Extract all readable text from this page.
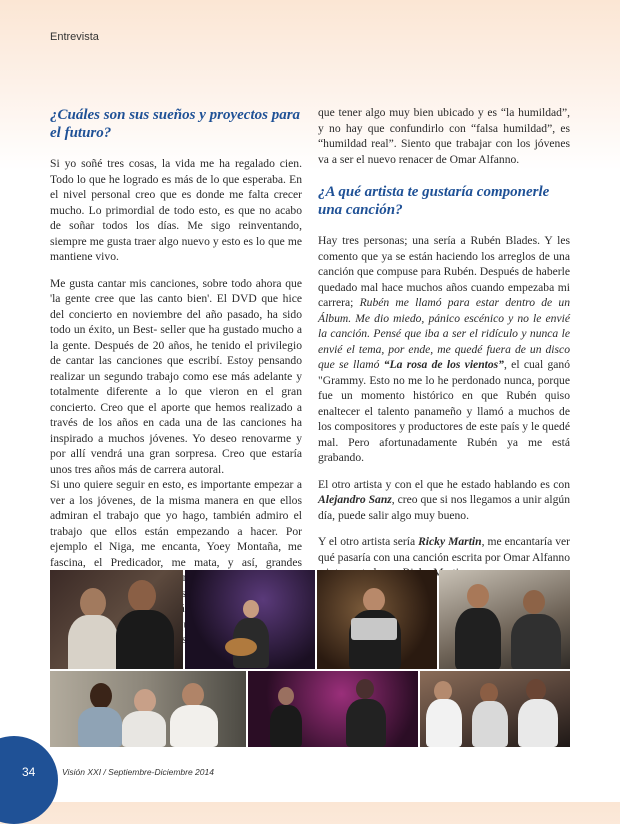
Entrevista
¿Cuáles son sus sueños y proyectos para el futuro?

Si yo soñé tres cosas, la vida me ha regalado cien. Todo lo que he logrado es más de lo que esperaba. En el nivel personal creo que es donde me falta crecer mucho. Lo primordial de todo esto, es que no acabo de soñar todos los días. Me sigo reinventando, siempre me gusta traer algo nuevo y esto es lo que me mantiene vivo.

Me gusta cantar mis canciones, sobre todo ahora que 'la gente cree que las canto bien'. El DVD que hice del concierto en noviembre del año pasado, ha sido todo un éxito, un Best- seller que ha gustado mucho a la gente. Después de 20 años, he tenido el privilegio de cantar las canciones que escribí. Estoy pensando realizar un segundo trabajo como ese más adelante y totalmente diferente a lo que vieron en el gran concierto. Creo que el aporte que hemos realizado a través de los años en cada una de las canciones ha inspirado a muchos jóvenes. Yo deseo renovarme y por allí vendrá una gran sorpresa. Creo que estaría unos tres años más de carrera autoral.

Si uno quiere seguir en esto, es importante empezar a ver a los jóvenes, de la misma manera en que ellos admiran el trabajo que yo hago, también admiro el trabajo que ellos están empezando a hacer. Por ejemplo el Niga, me encanta, Yoey Montaña, me fascina, el Predicador, me mata, y así, grandes

que tener algo muy bien ubicado y es “la humildad”, y no hay que confundirlo con “falsa humildad”, es “humildad real”. Siento que trabajar con los jóvenes va a ser el nuevo renacer de Omar Alfanno.

¿A qué artista te gustaría componerle una canción?

Hay tres personas; una sería a Rubén Blades. Y les comento que ya se están haciendo los arreglos de una canción que compuse para Rubén. Después de haberle quedado mal hace muchos años cuando empezaba mi carrera; Rubén me llamó para estar dentro de un Álbum. Me dio miedo, pánico escénico y no le envié la canción. Pensé que iba a ser el ridículo y nunca le envié el tema, por ende, me quedé fuera de un disco que se llamó “La rosa de los vientos”, el cual ganó "Grammy. Esto no me lo he perdonado nunca, porque fue un momento histórico en que Rubén quiso enaltecer el talento panameño y llamó a muchos de los compositores y productores de este país y le quedé mal. Pero afortunadamente Rubén ya me está grabando.

El otro artista y con el que he estado hablando es con Alejandro Sanz, creo que si nos llegamos a unir algún día, puede salir algo muy bueno.

Y el otro artista sería Ricky Martin, me encantaría ver qué pasaría con una canción escrita por Omar Alfanno

34	Visión XXI / Septiembre-Diciembre 2014
